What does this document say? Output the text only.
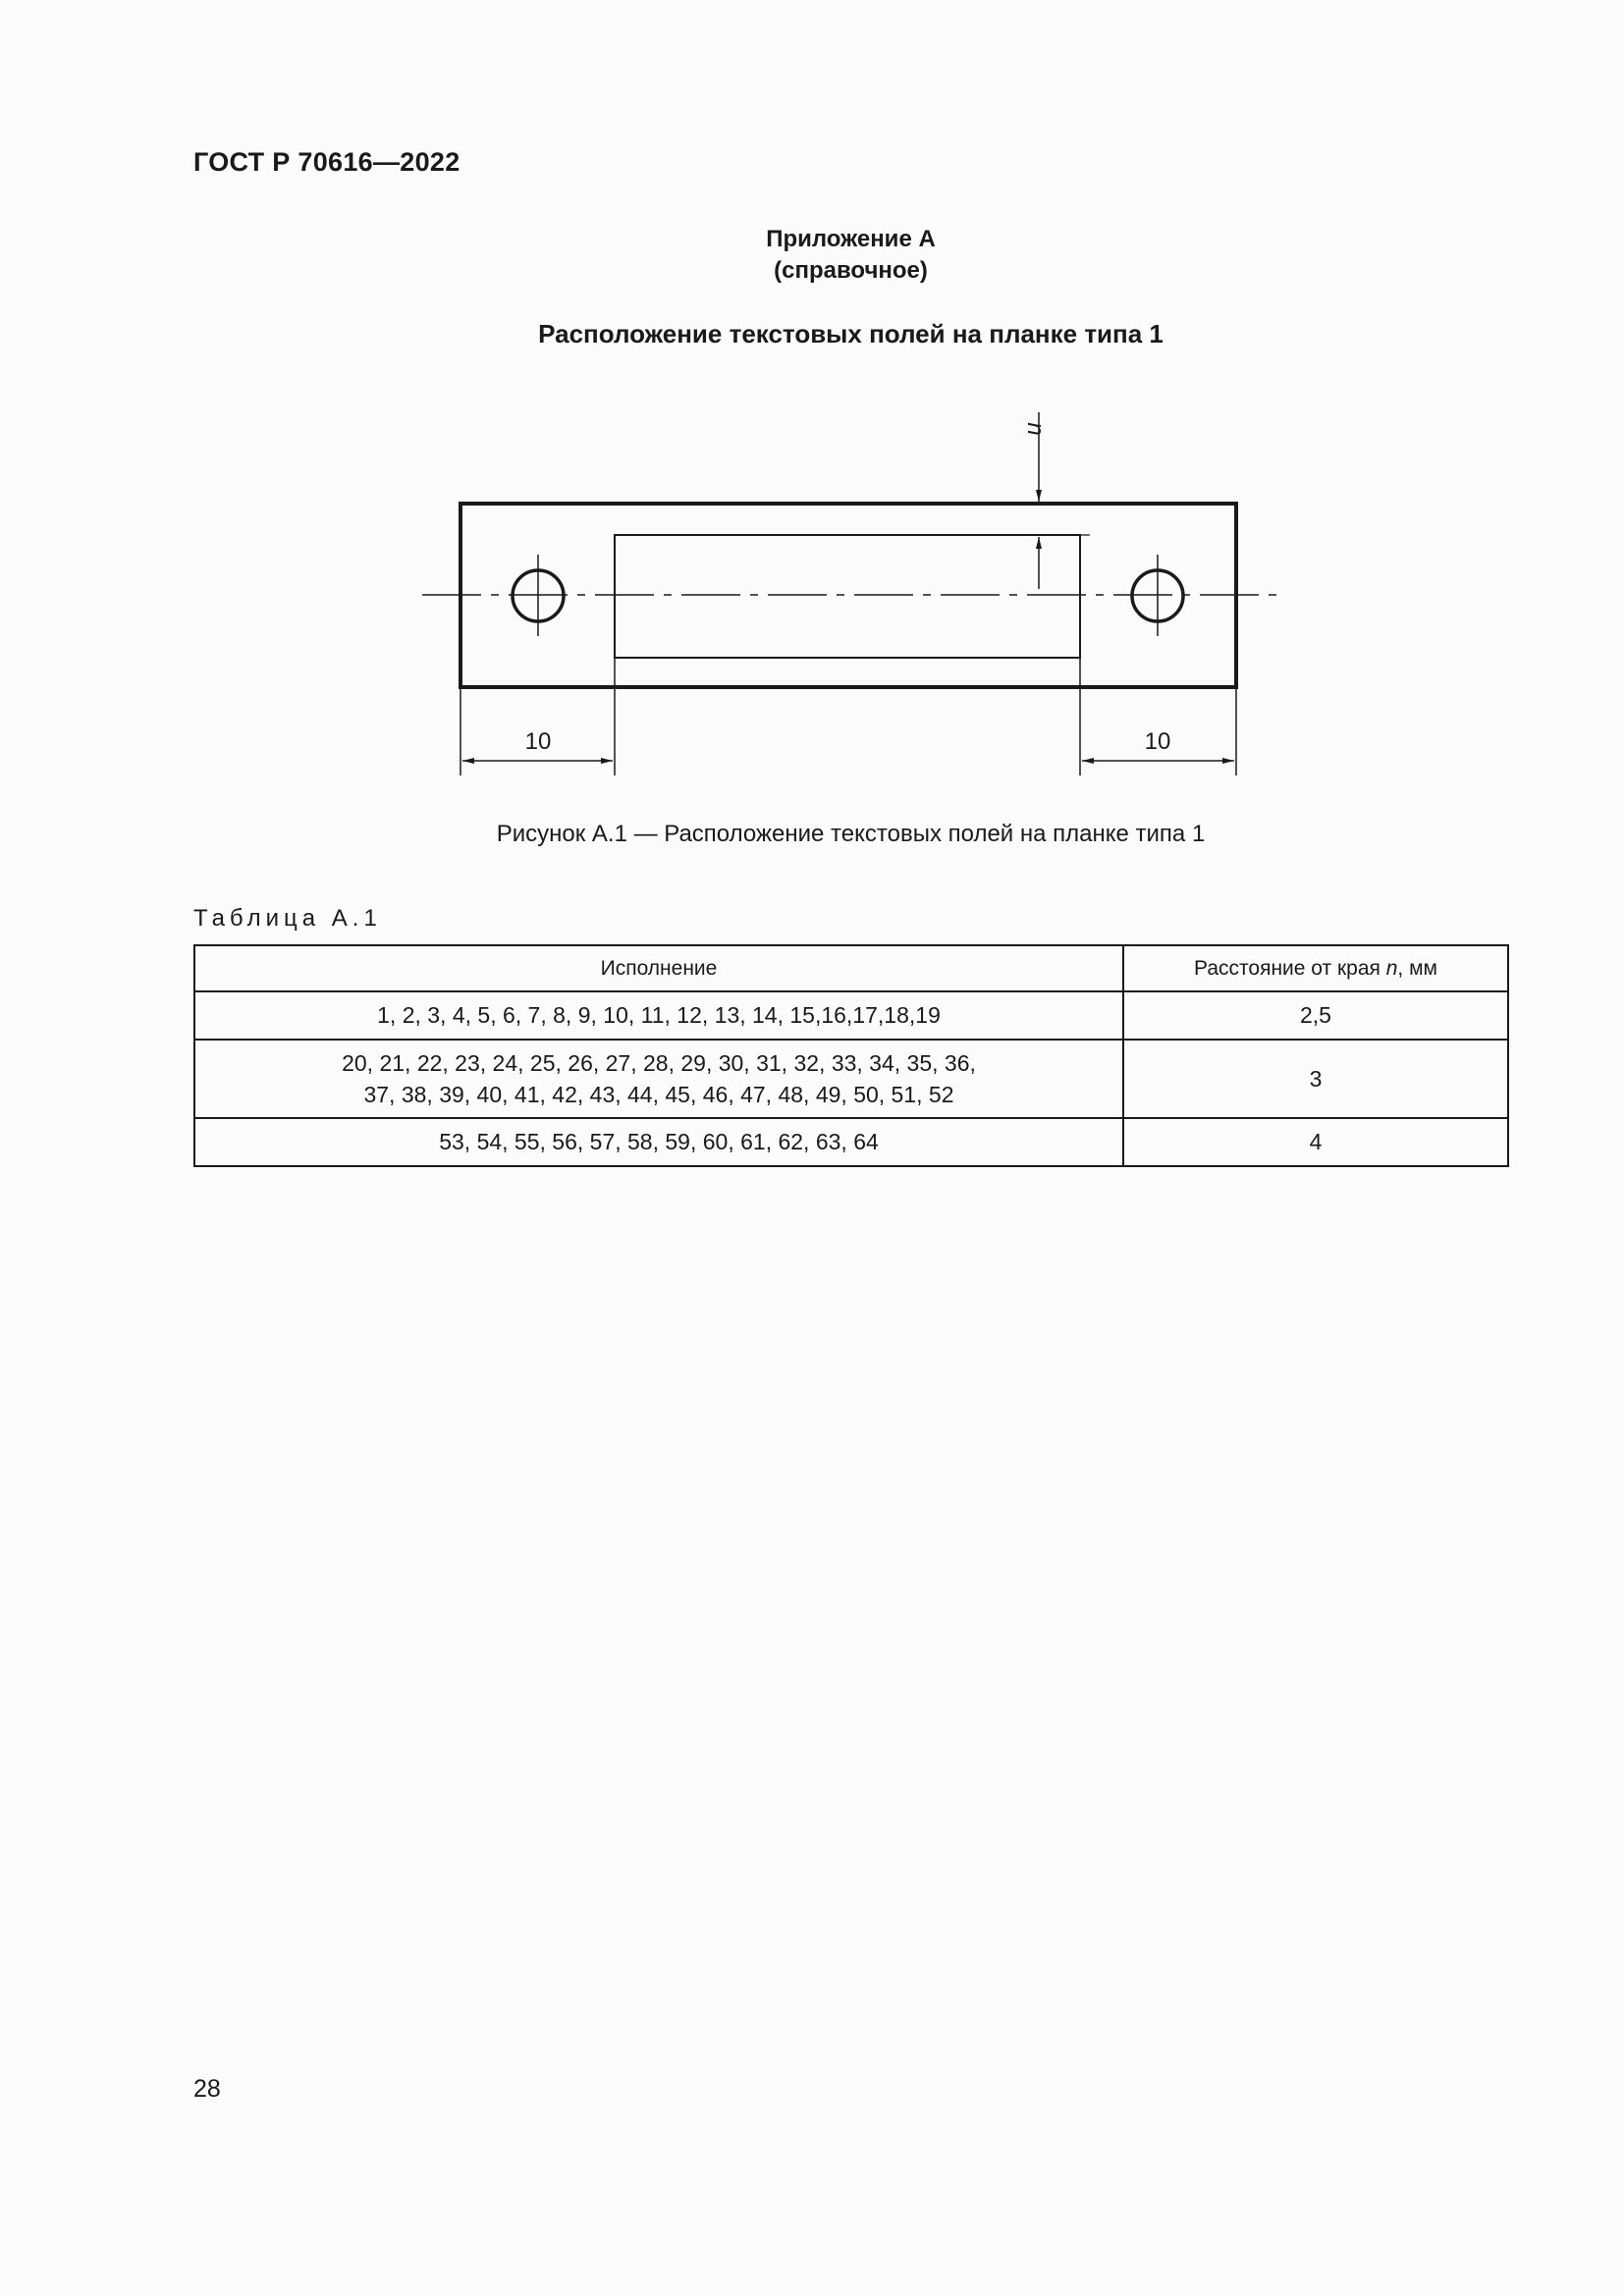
ГОСТ Р 70616—2022
Приложение А
(справочное)
Расположение текстовых полей на планке типа 1
10	10
n
Рисунок А.1 — Расположение текстовых полей на планке типа 1
Таблица А.1
Исполнение	Расстояние от края n, мм
1, 2, 3, 4, 5, 6, 7, 8, 9, 10, 11, 12, 13, 14, 15,16,17,18,19	2,5
20, 21, 22, 23, 24, 25, 26, 27, 28, 29, 30, 31, 32, 33, 34, 35, 36,
37, 38, 39, 40, 41, 42, 43, 44, 45, 46, 47, 48, 49, 50, 51, 52	3
53, 54, 55, 56, 57, 58, 59, 60, 61, 62, 63, 64	4
28
